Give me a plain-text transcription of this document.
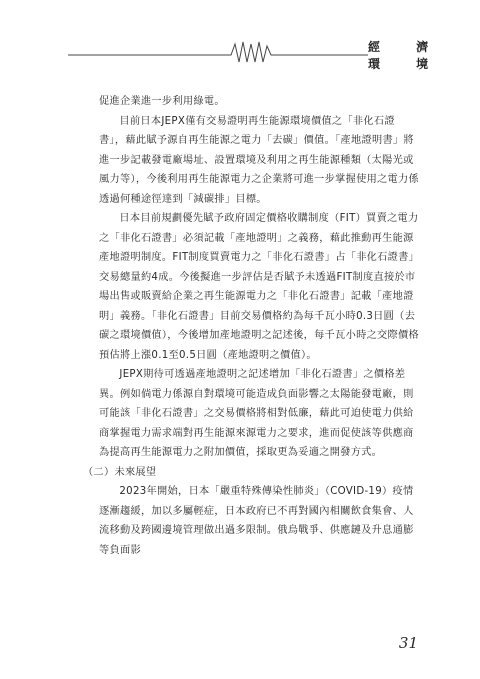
經 濟 環 境

促進企業進一步利用綠電。

目前日本JEPX僅有交易證明再生能源環境價值之「非化石證書」，藉此賦予源自再生能源之電力「去碳」價值。「產地證明書」將進一步記載發電廠場址、設置環境及利用之再生能源種類（太陽光或風力等），今後利用再生能源電力之企業將可進一步掌握使用之電力係透過何種途徑達到「減碳排」目標。

日本目前規劃優先賦予政府固定價格收購制度（FIT）買賣之電力之「非化石證書」必須記載「產地證明」之義務，藉此推動再生能源產地證明制度。FIT制度買賣電力之「非化石證書」占「非化石證書」交易總量約4成。今後擬進一步評估是否賦予未透過FIT制度直接於市場出售或販賣給企業之再生能源電力之「非化石證書」記載「產地證明」義務。「非化石證書」目前交易價格約為每千瓦小時0.3日圓（去碳之環境價值），今後增加產地證明之記述後，每千瓦小時之交際價格預估將上漲0.1至0.5日圓（產地證明之價值）。

JEPX期待可透過產地證明之記述增加「非化石證書」之價格差異。例如倘電力係源自對環境可能造成負面影響之太陽能發電廠，則可能該「非化石證書」之交易價格將相對低廉，藉此可迫使電力供給商掌握電力需求端對再生能源來源電力之要求，進而促使該等供應商為提高再生能源電力之附加價值，採取更為妥適之開發方式。

（二）未來展望

2023年開始，日本「嚴重特殊傳染性肺炎」（COVID-19）疫情逐漸趨緩，加以多屬輕症，日本政府已不再對國內相關飲食集會、人流移動及跨國邊境管理做出過多限制。俄烏戰爭、供應鏈及升息通膨等負面影

31
